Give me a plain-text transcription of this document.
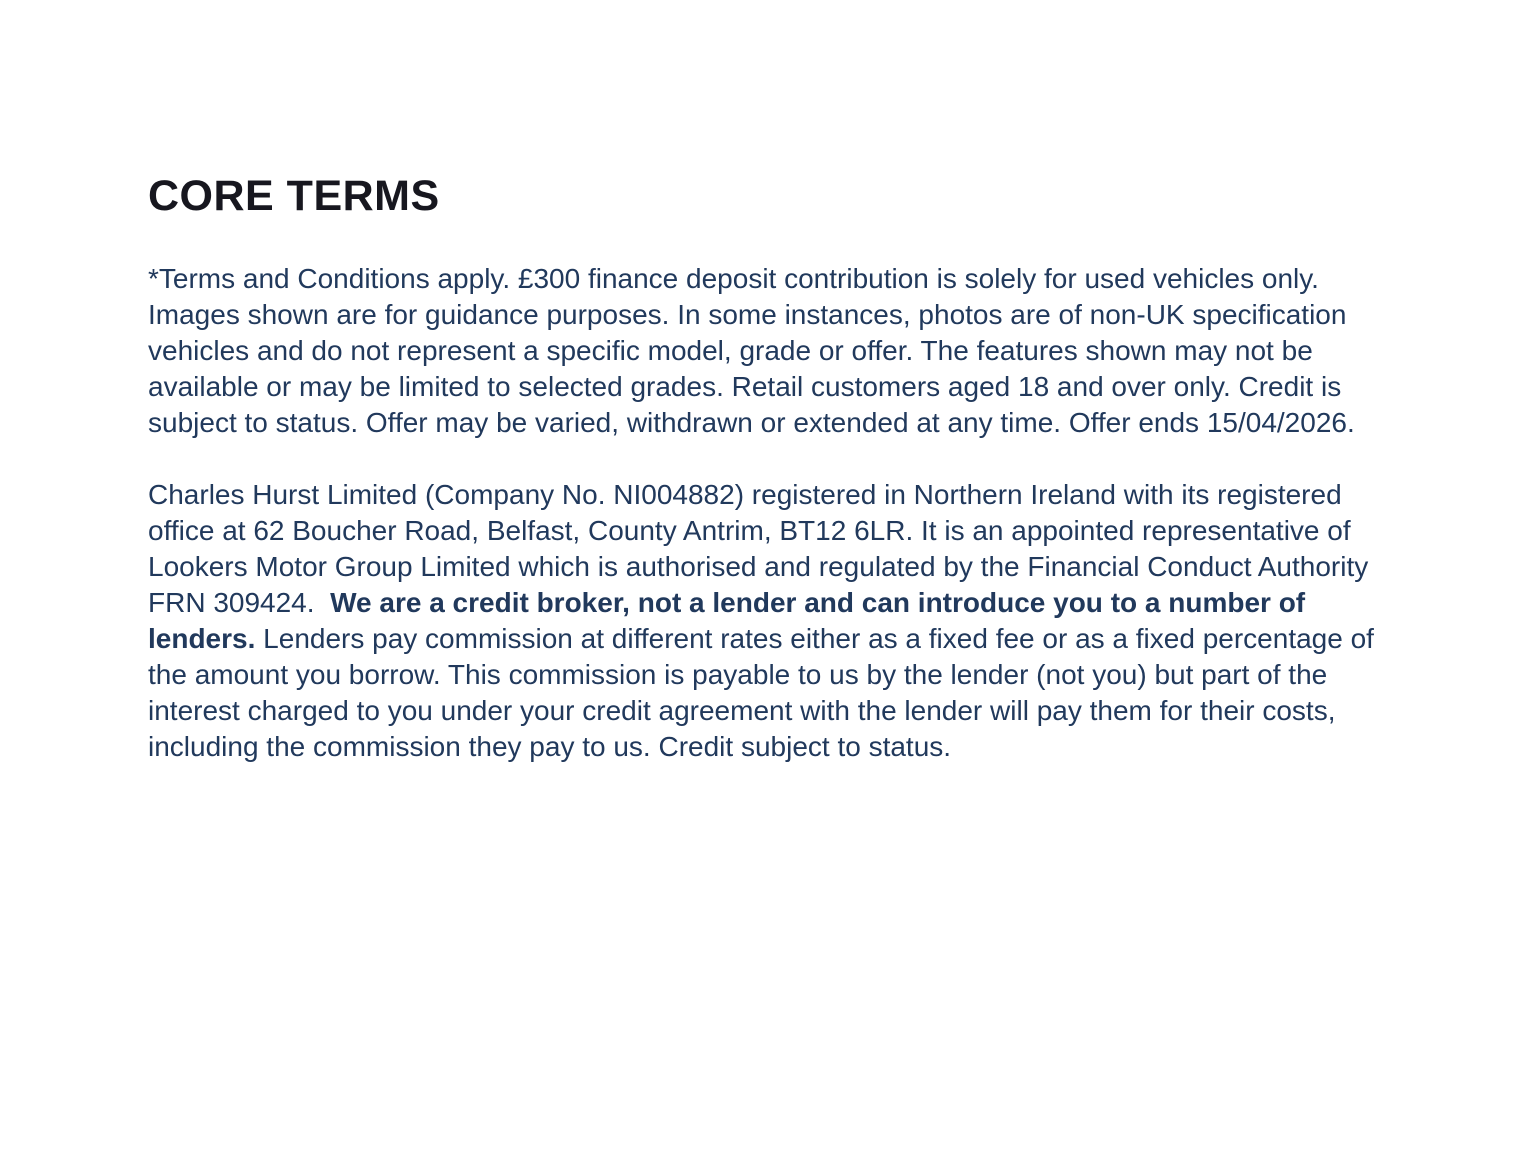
CORE TERMS

*Terms and Conditions apply. £300 finance deposit contribution is solely for used vehicles only. Images shown are for guidance purposes. In some instances, photos are of non-UK specification vehicles and do not represent a specific model, grade or offer. The features shown may not be available or may be limited to selected grades. Retail customers aged 18 and over only. Credit is subject to status. Offer may be varied, withdrawn or extended at any time. Offer ends 15/04/2026.

Charles Hurst Limited (Company No. NI004882) registered in Northern Ireland with its registered office at 62 Boucher Road, Belfast, County Antrim, BT12 6LR. It is an appointed representative of Lookers Motor Group Limited which is authorised and regulated by the Financial Conduct Authority FRN 309424.  We are a credit broker, not a lender and can introduce you to a number of lenders. Lenders pay commission at different rates either as a fixed fee or as a fixed percentage of the amount you borrow. This commission is payable to us by the lender (not you) but part of the interest charged to you under your credit agreement with the lender will pay them for their costs, including the commission they pay to us. Credit subject to status.
